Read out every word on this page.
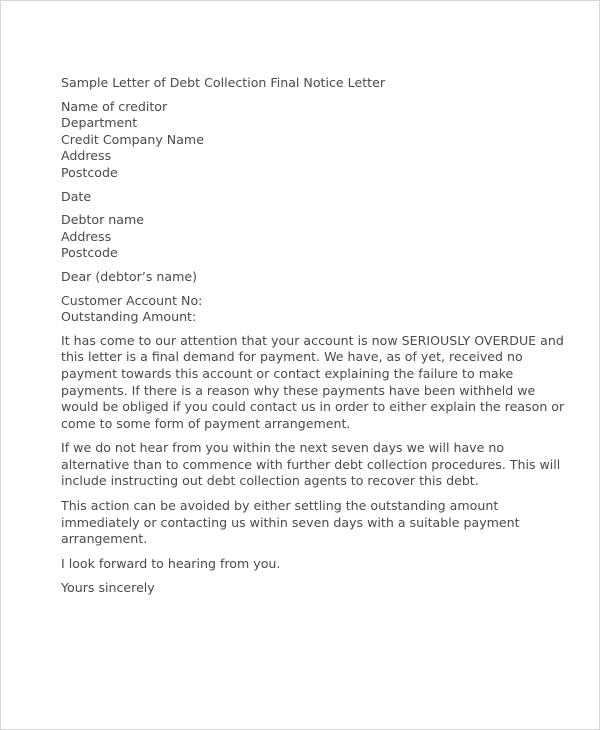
Sample Letter of Debt Collection Final Notice Letter
Name of creditor
Department
Credit Company Name
Address
Postcode
Date
Debtor name
Address
Postcode
Dear (debtor’s name)
Customer Account No:
Outstanding Amount:
It has come to our attention that your account is now SERIOUSLY OVERDUE and
this letter is a final demand for payment. We have, as of yet, received no
payment towards this account or contact explaining the failure to make
payments. If there is a reason why these payments have been withheld we
would be obliged if you could contact us in order to either explain the reason or
come to some form of payment arrangement.
If we do not hear from you within the next seven days we will have no
alternative than to commence with further debt collection procedures. This will
include instructing out debt collection agents to recover this debt.
This action can be avoided by either settling the outstanding amount
immediately or contacting us within seven days with a suitable payment
arrangement.
I look forward to hearing from you.
Yours sincerely
